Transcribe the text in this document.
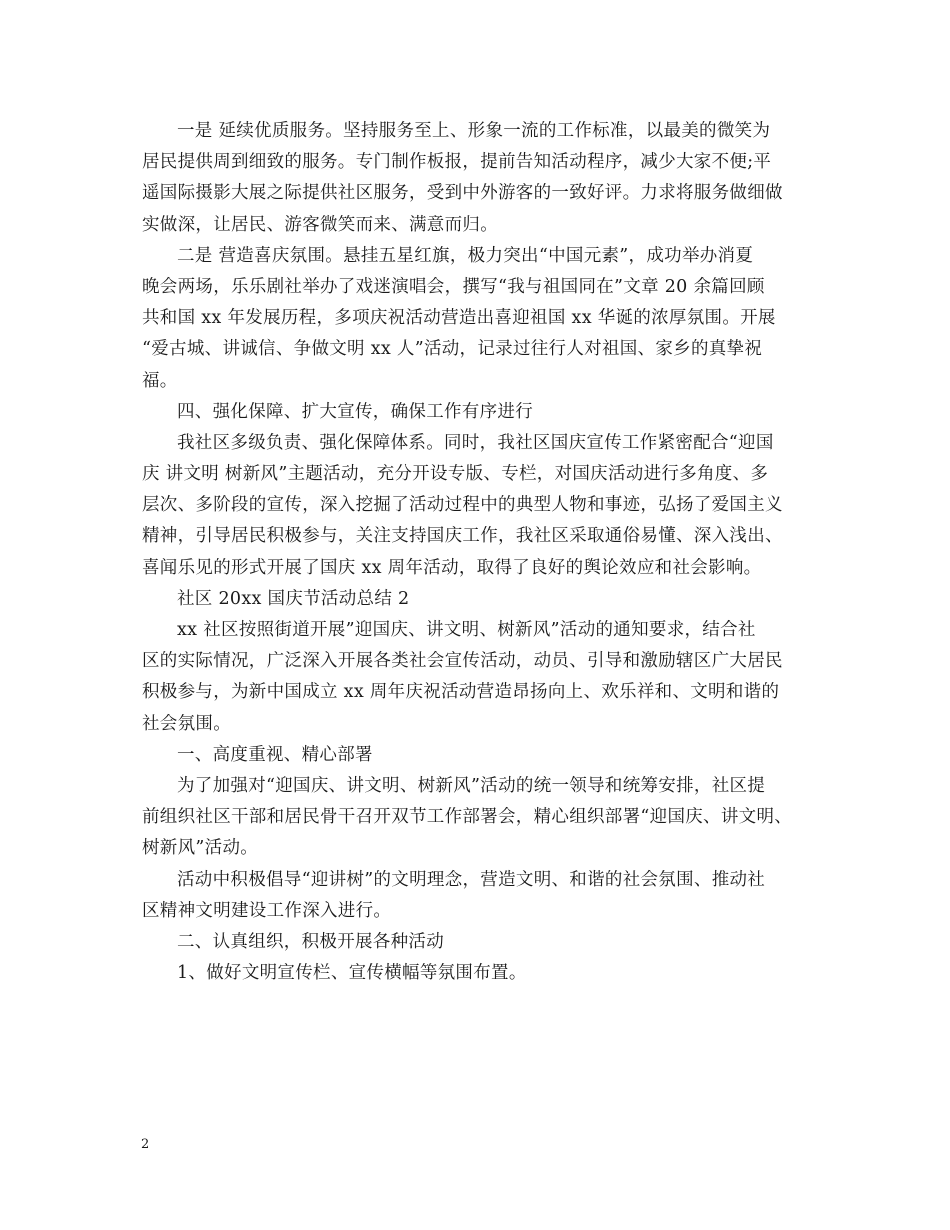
一是 延续优质服务。坚持服务至上、形象一流的工作标准，以最美的微笑为
居民提供周到细致的服务。专门制作板报，提前告知活动程序，减少大家不便;平
遥国际摄影大展之际提供社区服务，受到中外游客的一致好评。力求将服务做细做
实做深，让居民、游客微笑而来、满意而归。
二是 营造喜庆氛围。悬挂五星红旗，极力突出“中国元素”，成功举办消夏
晚会两场，乐乐剧社举办了戏迷演唱会，撰写“我与祖国同在”文章 20 余篇回顾
共和国 xx 年发展历程，多项庆祝活动营造出喜迎祖国 xx 华诞的浓厚氛围。开展
“爱古城、讲诚信、争做文明 xx 人”活动，记录过往行人对祖国、家乡的真挚祝
福。
四、强化保障、扩大宣传，确保工作有序进行
我社区多级负责、强化保障体系。同时，我社区国庆宣传工作紧密配合“迎国
庆 讲文明 树新风”主题活动，充分开设专版、专栏，对国庆活动进行多角度、多
层次、多阶段的宣传，深入挖掘了活动过程中的典型人物和事迹，弘扬了爱国主义
精神，引导居民积极参与，关注支持国庆工作，我社区采取通俗易懂、深入浅出、
喜闻乐见的形式开展了国庆 xx 周年活动，取得了良好的舆论效应和社会影响。
社区 20xx 国庆节活动总结 2
xx 社区按照街道开展”迎国庆、讲文明、树新风”活动的通知要求，结合社
区的实际情况，广泛深入开展各类社会宣传活动，动员、引导和激励辖区广大居民
积极参与，为新中国成立 xx 周年庆祝活动营造昂扬向上、欢乐祥和、文明和谐的
社会氛围。
一、高度重视、精心部署
为了加强对“迎国庆、讲文明、树新风”活动的统一领导和统筹安排，社区提
前组织社区干部和居民骨干召开双节工作部署会，精心组织部署“迎国庆、讲文明、
树新风”活动。
活动中积极倡导“迎讲树”的文明理念，营造文明、和谐的社会氛围、推动社
区精神文明建设工作深入进行。
二、认真组织，积极开展各种活动
1、做好文明宣传栏、宣传横幅等氛围布置。
2
